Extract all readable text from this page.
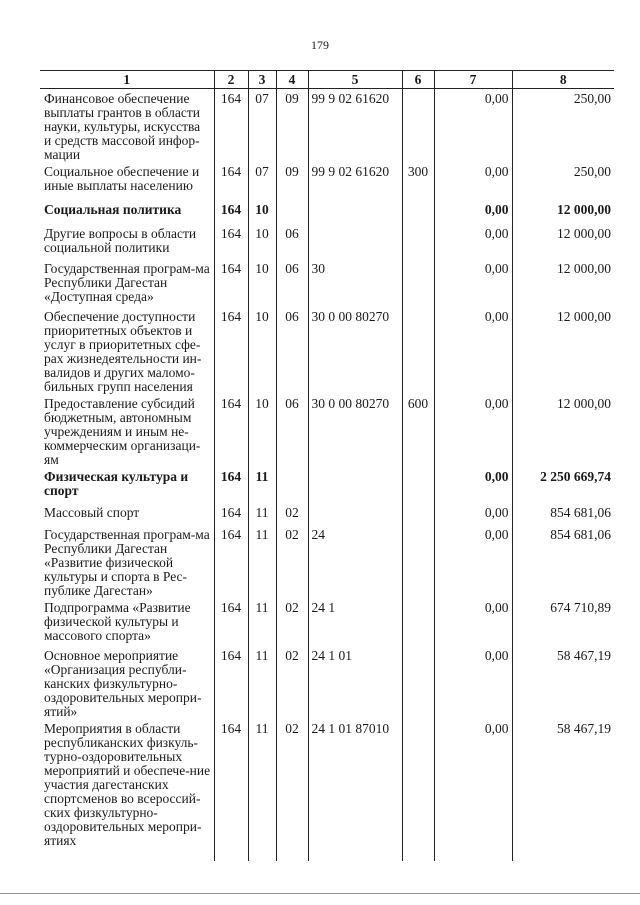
179
1	2	3	4	5	6	7	8
Финансовое обеспечение выплаты грантов в области науки, культуры, искусства и средств массовой инфор-мации	164	07	09	99 9 02 61620		0,00	250,00
Социальное обеспечение и иные выплаты населению	164	07	09	99 9 02 61620	300	0,00	250,00
Социальная политика	164	10				0,00	12 000,00
Другие вопросы в области социальной политики	164	10	06			0,00	12 000,00
Государственная програм-ма Республики Дагестан «Доступная среда»	164	10	06	30		0,00	12 000,00
Обеспечение доступности приоритетных объектов и услуг в приоритетных сфе-рах жизнедеятельности ин-валидов и других маломо-бильных групп населения	164	10	06	30 0 00 80270		0,00	12 000,00
Предоставление субсидий бюджетным, автономным учреждениям и иным не-коммерческим организаци-ям	164	10	06	30 0 00 80270	600	0,00	12 000,00
Физическая культура и спорт	164	11				0,00	2 250 669,74
Массовый спорт	164	11	02			0,00	854 681,06
Государственная програм-ма Республики Дагестан «Развитие физической культуры и спорта в Рес-публике Дагестан»	164	11	02	24		0,00	854 681,06
Подпрограмма «Развитие физической культуры и массового спорта»	164	11	02	24 1		0,00	674 710,89
Основное мероприятие «Организация республи-канских физкультурно-оздоровительных меропри-ятий»	164	11	02	24 1 01		0,00	58 467,19
Мероприятия в области республиканских физкуль-турно-оздоровительных мероприятий и обеспече-ние участия дагестанских спортсменов во всероссий-ских физкультурно-оздоровительных меропри-ятиях	164	11	02	24 1 01 87010		0,00	58 467,19
